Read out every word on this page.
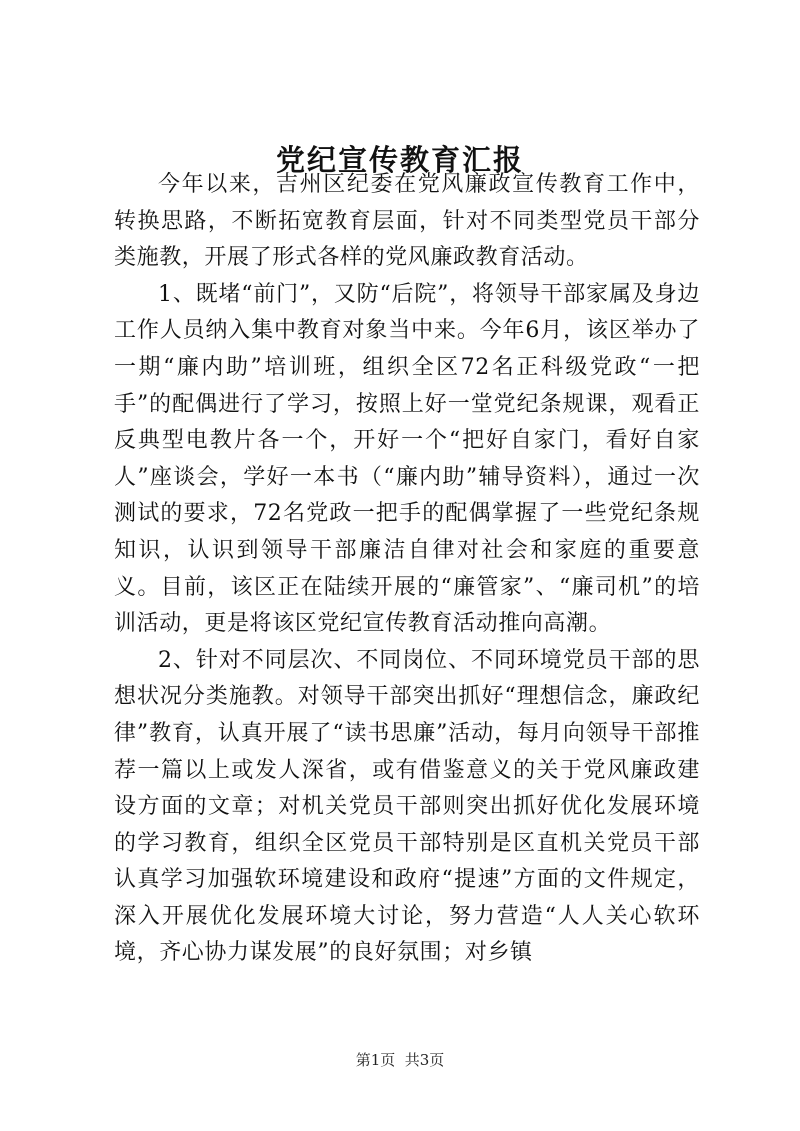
党纪宣传教育汇报

今年以来，吉州区纪委在党风廉政宣传教育工作中，转换思路，不断拓宽教育层面，针对不同类型党员干部分类施教，开展了形式各样的党风廉政教育活动。

1、既堵“前门”，又防“后院”，将领导干部家属及身边工作人员纳入集中教育对象当中来。今年6月，该区举办了一期“廉内助”培训班，组织全区72名正科级党政“一把手”的配偶进行了学习，按照上好一堂党纪条规课，观看正反典型电教片各一个，开好一个“把好自家门，看好自家人”座谈会，学好一本书（“廉内助”辅导资料），通过一次测试的要求，72名党政一把手的配偶掌握了一些党纪条规知识，认识到领导干部廉洁自律对社会和家庭的重要意义。目前，该区正在陆续开展的“廉管家”、“廉司机”的培训活动，更是将该区党纪宣传教育活动推向高潮。

2、针对不同层次、不同岗位、不同环境党员干部的思想状况分类施教。对领导干部突出抓好“理想信念，廉政纪律”教育，认真开展了“读书思廉”活动，每月向领导干部推荐一篇以上或发人深省，或有借鉴意义的关于党风廉政建设方面的文章；对机关党员干部则突出抓好优化发展环境的学习教育，组织全区党员干部特别是区直机关党员干部认真学习加强软环境建设和政府“提速”方面的文件规定，深入开展优化发展环境大讨论，努力营造“人人关心软环境，齐心协力谋发展”的良好氛围；对乡镇

第1页  共3页
